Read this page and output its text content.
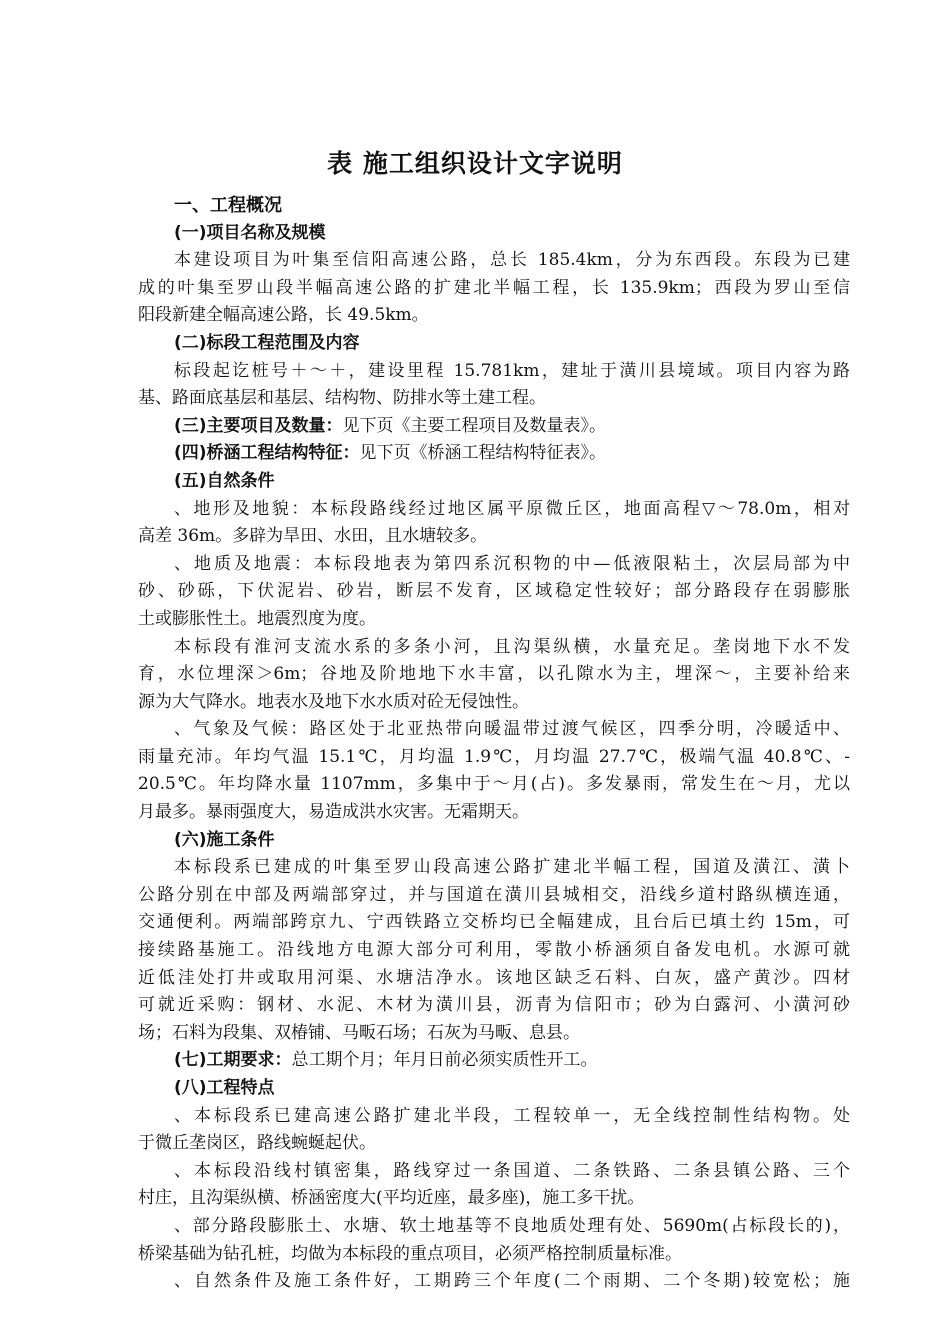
表 施工组织设计文字说明
一、工程概况
(一)项目名称及规模
本建设项目为叶集至信阳高速公路，总长 185.4km，分为东西段。东段为已建
成的叶集至罗山段半幅高速公路的扩建北半幅工程，长 135.9km；西段为罗山至信
阳段新建全幅高速公路，长 49.5km。
(二)标段工程范围及内容
标段起讫桩号＋～＋，建设里程 15.781km，建址于潢川县境域。项目内容为路
基、路面底基层和基层、结构物、防排水等土建工程。
(三)主要项目及数量：见下页《主要工程项目及数量表》。
(四)桥涵工程结构特征：见下页《桥涵工程结构特征表》。
(五)自然条件
、地形及地貌：本标段路线经过地区属平原微丘区，地面高程▽～78.0m，相对
高差 36m。多辟为旱田、水田，且水塘较多。
、地质及地震：本标段地表为第四系沉积物的中—低液限粘土，次层局部为中
砂、砂砾，下伏泥岩、砂岩，断层不发育，区域稳定性较好；部分路段存在弱膨胀
土或膨胀性土。地震烈度为度。
本标段有淮河支流水系的多条小河，且沟渠纵横，水量充足。垄岗地下水不发
育，水位埋深＞6m；谷地及阶地地下水丰富，以孔隙水为主，埋深～，主要补给来
源为大气降水。地表水及地下水水质对砼无侵蚀性。
、气象及气候：路区处于北亚热带向暖温带过渡气候区，四季分明，冷暖适中、
雨量充沛。年均气温 15.1℃，月均温 1.9℃，月均温 27.7℃，极端气温 40.8℃、-
20.5℃。年均降水量 1107mm，多集中于～月(占)。多发暴雨，常发生在～月，尤以
月最多。暴雨强度大，易造成洪水灾害。无霜期天。
(六)施工条件
本标段系已建成的叶集至罗山段高速公路扩建北半幅工程，国道及潢江、潢卜
公路分别在中部及两端部穿过，并与国道在潢川县城相交，沿线乡道村路纵横连通，
交通便利。两端部跨京九、宁西铁路立交桥均已全幅建成，且台后已填土约 15m，可
接续路基施工。沿线地方电源大部分可利用，零散小桥涵须自备发电机。水源可就
近低洼处打井或取用河渠、水塘洁净水。该地区缺乏石料、白灰，盛产黄沙。四材
可就近采购：钢材、水泥、木材为潢川县，沥青为信阳市；砂为白露河、小潢河砂
场；石料为段集、双椿铺、马畈石场；石灰为马畈、息县。
(七)工期要求：总工期个月；年月日前必须实质性开工。
(八)工程特点
、本标段系已建高速公路扩建北半段，工程较单一，无全线控制性结构物。处
于微丘垄岗区，路线蜿蜒起伏。
、本标段沿线村镇密集，路线穿过一条国道、二条铁路、二条县镇公路、三个
村庄，且沟渠纵横、桥涵密度大(平均近座，最多座)，施工多干扰。
、部分路段膨胀土、水塘、软土地基等不良地质处理有处、5690m(占标段长的)，
桥梁基础为钻孔桩，均做为本标段的重点项目，必须严格控制质量标准。
、自然条件及施工条件好，工期跨三个年度(二个雨期、二个冬期)较宽松；施
